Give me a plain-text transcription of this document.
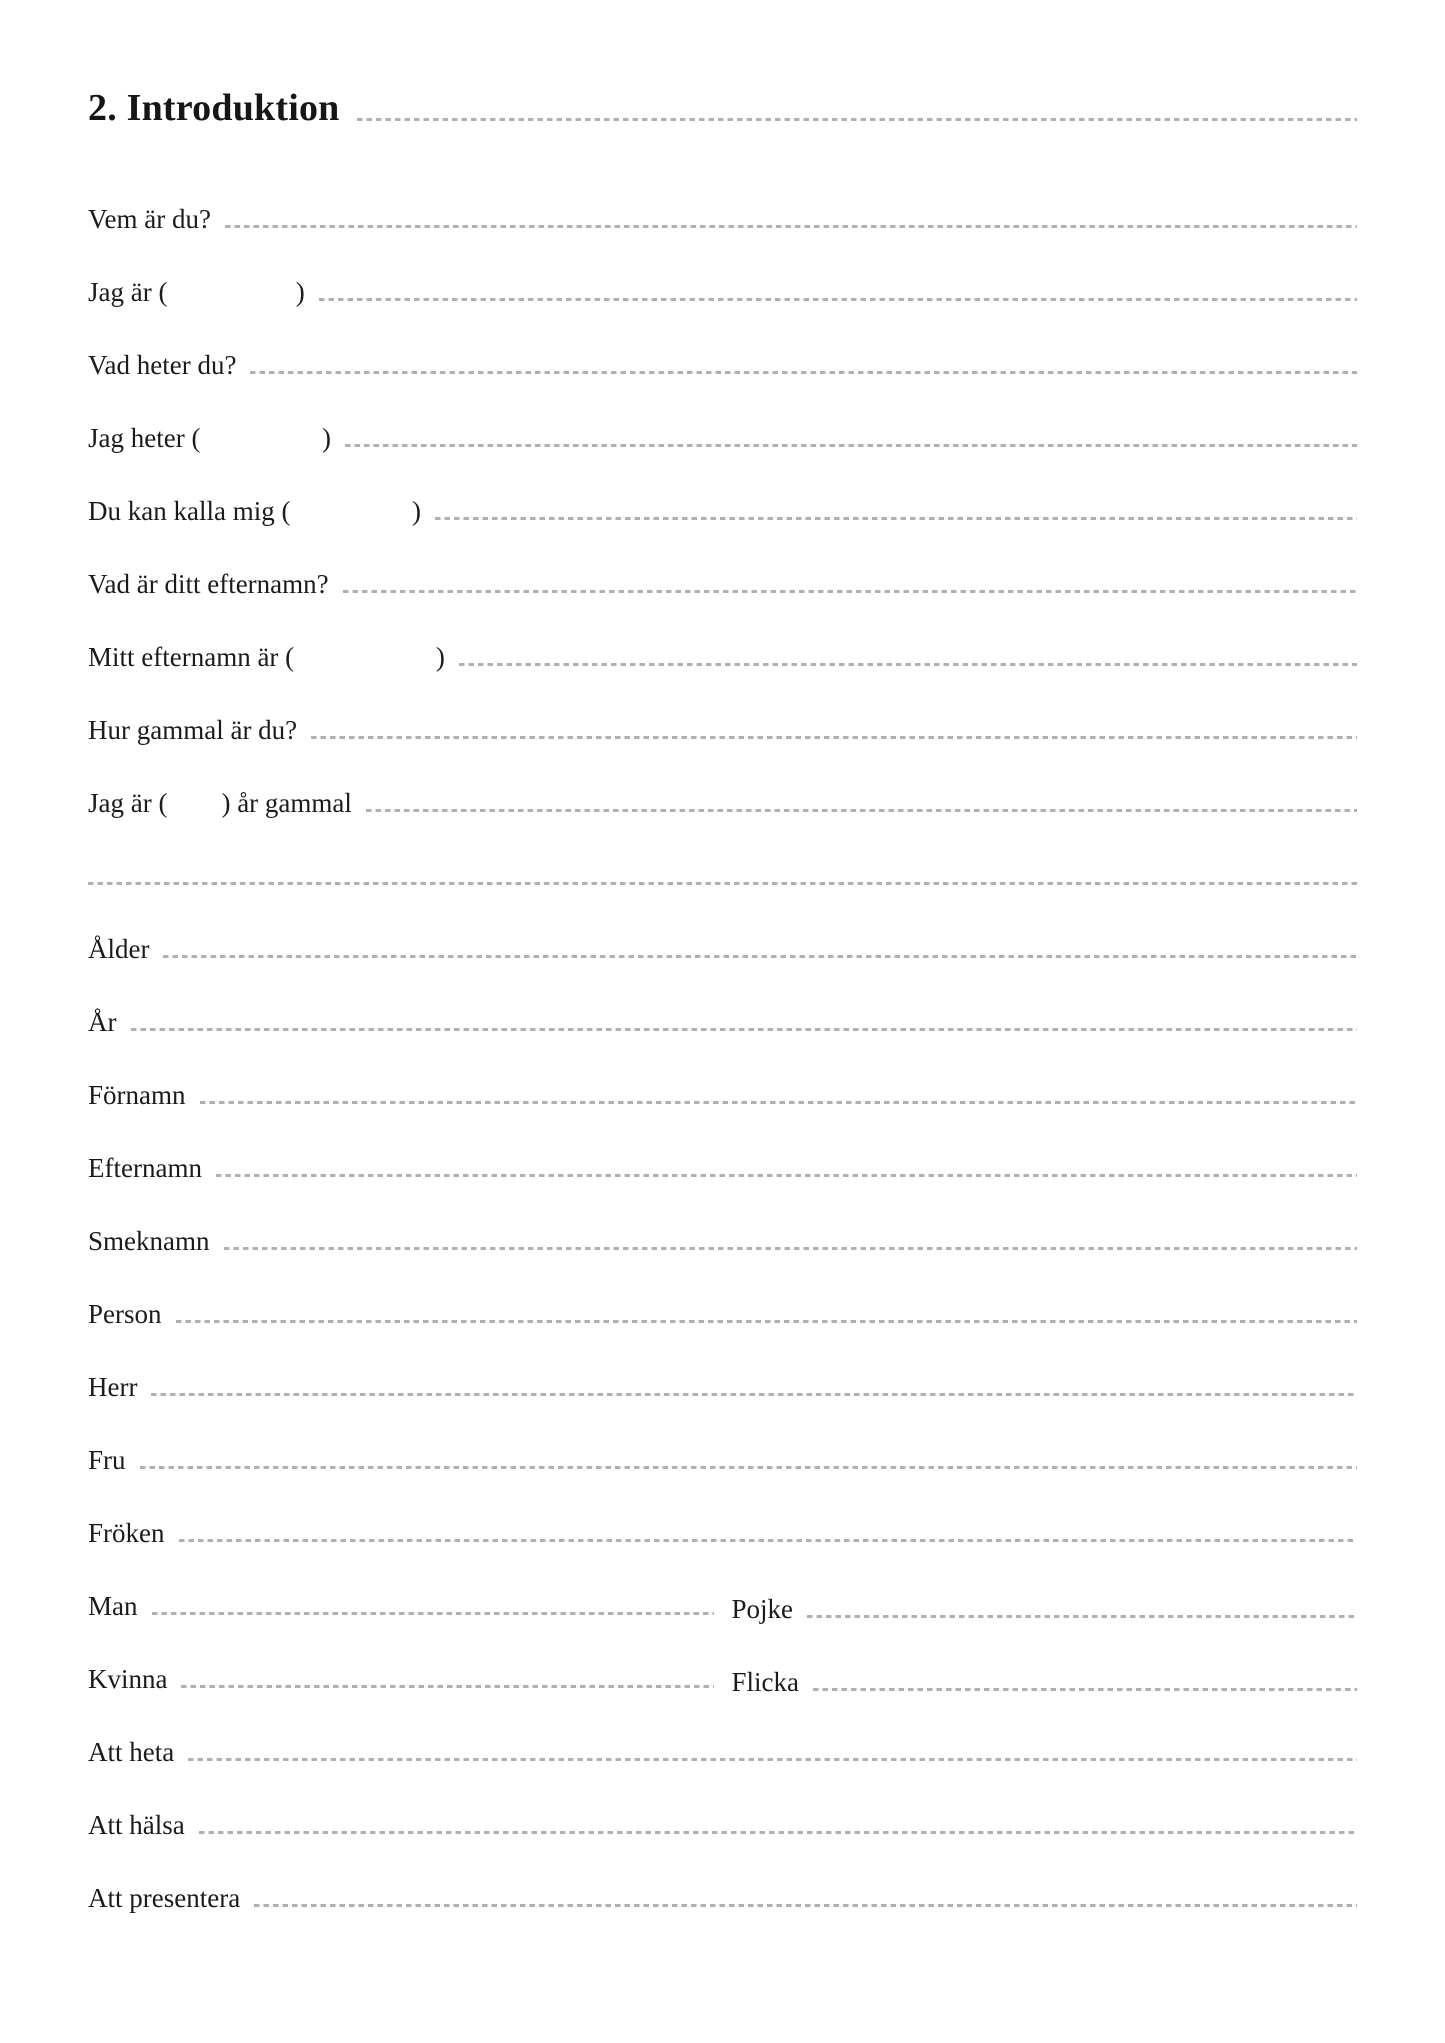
2. Introduktion
Vem är du?
Jag är (                   )
Vad heter du?
Jag heter (                  )
Du kan kalla mig (                  )
Vad är ditt efternamn?
Mitt efternamn är (                     )
Hur gammal är du?
Jag är (        ) år gammal
Ålder
År
Förnamn
Efternamn
Smeknamn
Person
Herr
Fru
Fröken
Man	Pojke
Kvinna	Flicka
Att heta
Att hälsa
Att presentera
